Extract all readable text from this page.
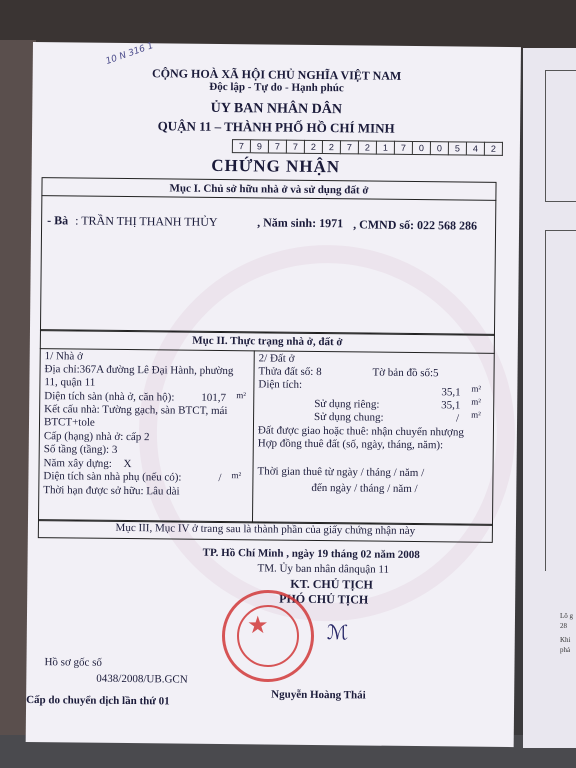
Lô g
28
Khi
phả
10 N 316 1
CỘNG HOÀ XÃ HỘI CHỦ NGHĨA VIỆT NAM
Độc lập - Tự do - Hạnh phúc
ỦY BAN NHÂN DÂN
QUẬN 11 – THÀNH PHỐ HỒ CHÍ MINH
7	9	7	7	2	2	7	2	1	7	0	0	5	4	2
CHỨNG NHẬN
Mục I. Chủ sở hữu nhà ở và sử dụng đất ở
- Bà : TRẦN THỊ THANH THỦY	, Năm sinh: 1971 , CMND số: 022 568 286
Mục II. Thực trạng nhà ở, đất ở
1/ Nhà ở
Địa chỉ:367A đường Lê Đại Hành, phường
11, quận 11
Diện tích sàn (nhà ở, căn hộ): 101,7 m²
Kết cấu nhà: Tường gạch, sàn BTCT, mái
BTCT+tole
Cấp (hạng) nhà ở: cấp 2
Số tầng (tầng): 3
Năm xây dựng: X
Diện tích sàn nhà phụ (nếu có):	/ m²
Thời hạn được sở hữu: Lâu dài
2/ Đất ở
Thửa đất số: 8	Tờ bản đồ số:5
Diện tích:
35,1 m²
Sử dụng riêng:	35,1 m²
Sử dụng chung:	/ m²
Đất được giao hoặc thuê: nhận chuyển nhượng
Hợp đồng thuê đất (số, ngày, tháng, năm):
Thời gian thuê từ ngày / tháng / năm /
đến ngày / tháng / năm /
Mục III, Mục IV ở trang sau là thành phần của giấy chứng nhận này
TP. Hồ Chí Minh , ngày 19 tháng 02 năm 2008
TM. Ủy ban nhân dânquận 11
KT. CHỦ TỊCH
PHÓ CHỦ TỊCH
ℳ
Hồ sơ gốc số
0438/2008/UB.GCN
Nguyễn Hoàng Thái
Cấp do chuyển dịch lần thứ 01
★
